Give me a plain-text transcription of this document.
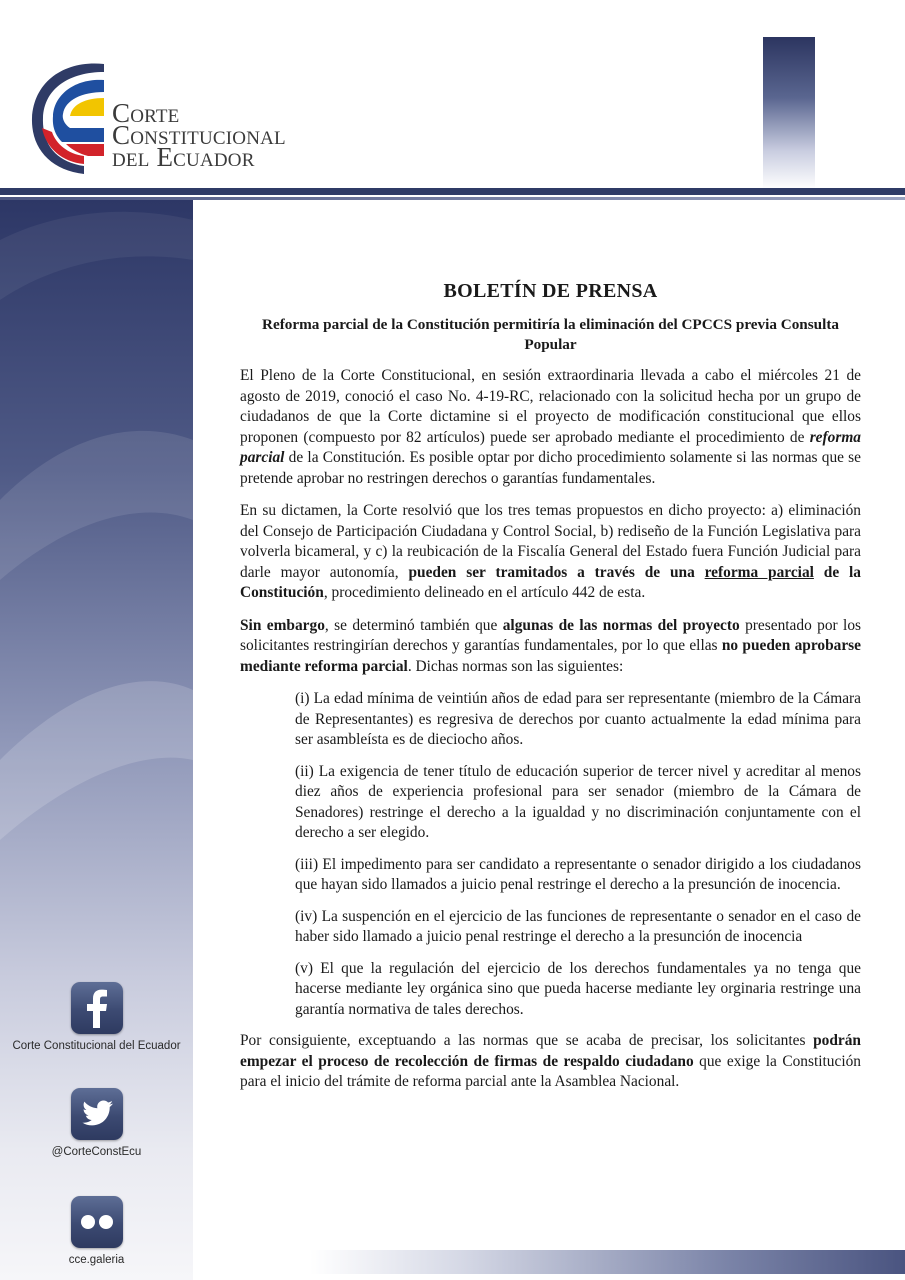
Corte
Constitucional
del Ecuador
Corte Constitucional del Ecuador
@CorteConstEcu
cce.galeria
BOLETÍN DE PRENSA
Reforma parcial de la Constitución permitiría la eliminación del CPCCS previa Consulta Popular

El Pleno de la Corte Constitucional, en sesión extraordinaria llevada a cabo el miércoles 21 de agosto de 2019, conoció el caso No. 4-19-RC, relacionado con la solicitud hecha por un grupo de ciudadanos de que la Corte dictamine si el proyecto de modificación constitucional que ellos proponen (compuesto por 82 artículos) puede ser aprobado mediante el procedimiento de reforma parcial de la Constitución. Es posible optar por dicho procedimiento solamente si las normas que se pretende aprobar no restringen derechos o garantías fundamentales.

En su dictamen, la Corte resolvió que los tres temas propuestos en dicho proyecto: a) eliminación del Consejo de Participación Ciudadana y Control Social, b) rediseño de la Función Legislativa para volverla bicameral, y c) la reubicación de la Fiscalía General del Estado fuera Función Judicial para darle mayor autonomía, pueden ser tramitados a través de una reforma parcial de la Constitución, procedimiento delineado en el artículo 442 de esta.

Sin embargo, se determinó también que algunas de las normas del proyecto presentado por los solicitantes restringirían derechos y garantías fundamentales, por lo que ellas no pueden aprobarse mediante reforma parcial. Dichas normas son las siguientes:

(i) La edad mínima de veintiún años de edad para ser representante (miembro de la Cámara de Representantes) es regresiva de derechos por cuanto actualmente la edad mínima para ser asambleísta es de dieciocho años.

(ii) La exigencia de tener título de educación superior de tercer nivel y acreditar al menos diez años de experiencia profesional para ser senador (miembro de la Cámara de Senadores) restringe el derecho a la igualdad y no discriminación conjuntamente con el derecho a ser elegido.

(iii) El impedimento para ser candidato a representante o senador dirigido a los ciudadanos que hayan sido llamados a juicio penal restringe el derecho a la presunción de inocencia.

(iv) La suspención en el ejercicio de las funciones de representante o senador en el caso de haber sido llamado a juicio penal restringe el derecho a la presunción de inocencia

(v) El que la regulación del ejercicio de los derechos fundamentales ya no tenga que hacerse mediante ley orgánica sino que pueda hacerse mediante ley orginaria restringe una garantía normativa de tales derechos.

Por consiguiente, exceptuando a las normas que se acaba de precisar, los solicitantes podrán empezar el proceso de recolección de firmas de respaldo ciudadano que exige la Constitución para el inicio del trámite de reforma parcial ante la Asamblea Nacional.
